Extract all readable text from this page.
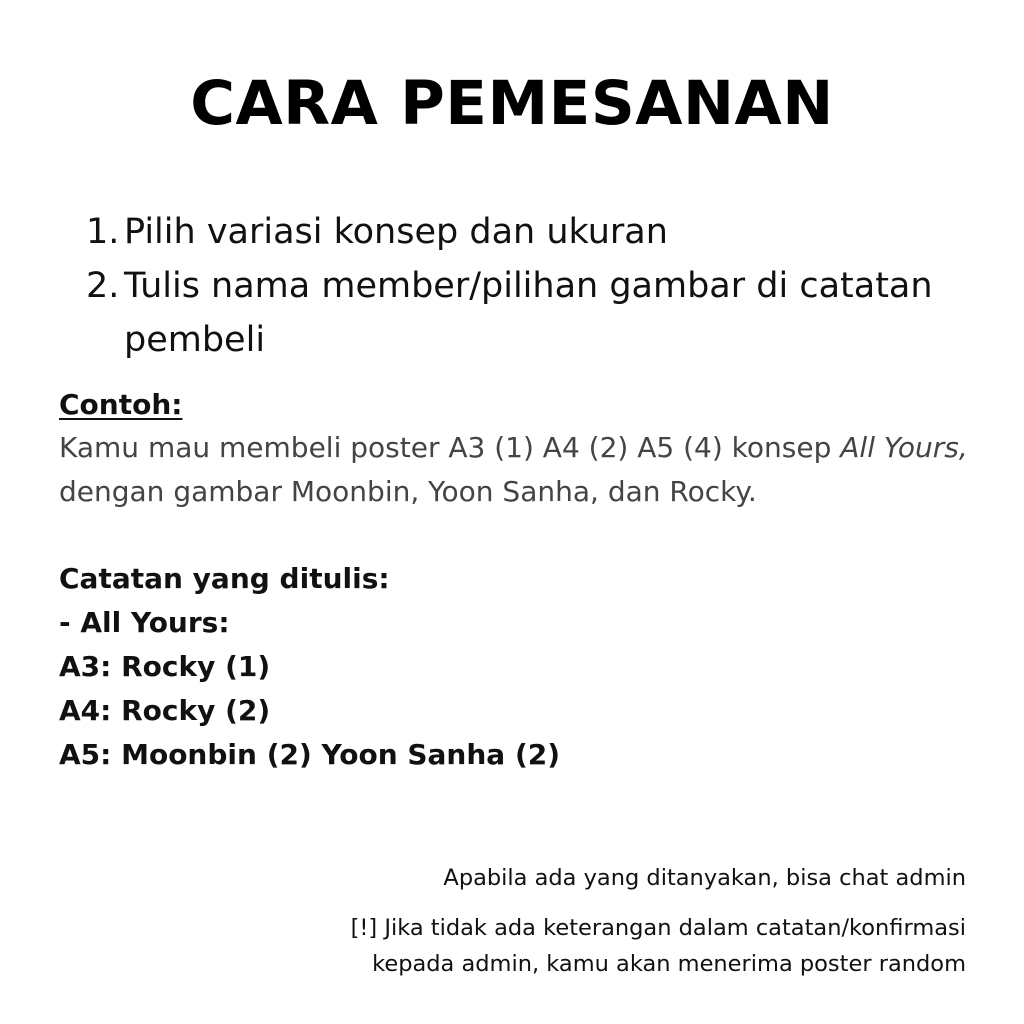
CARA PEMESANAN
1. Pilih variasi konsep dan ukuran
2. Tulis nama member/pilihan gambar di catatan pembeli
Contoh:
Kamu mau membeli poster A3 (1) A4 (2) A5 (4) konsep All Yours, dengan gambar Moonbin, Yoon Sanha, dan Rocky.
Catatan yang ditulis:
- All Yours:
A3: Rocky (1)
A4: Rocky (2)
A5: Moonbin (2) Yoon Sanha (2)
Apabila ada yang ditanyakan, bisa chat admin
[!] Jika tidak ada keterangan dalam catatan/konfirmasi
kepada admin, kamu akan menerima poster random
